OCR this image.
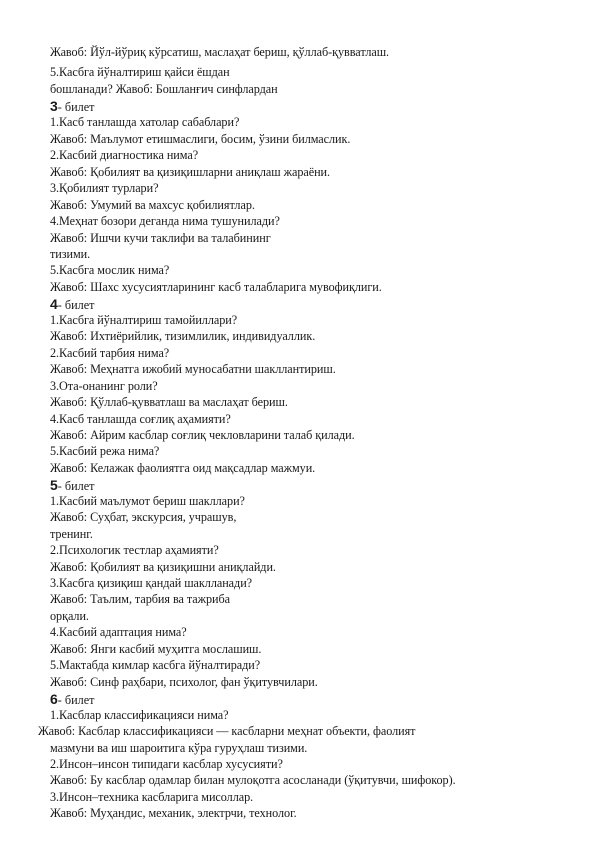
Жавоб: Йўл-йўриқ кўрсатиш, маслаҳат бериш, қўллаб-қувватлаш.
5.Касбга йўналтириш қайси ёшдан
бошланади? Жавоб: Бошланғич синфлардан
3- билет
1.Касб танлашда хатолар сабаблари?
Жавоб: Маълумот етишмаслиги, босим, ўзини билмаслик.
2.Касбий диагностика нима?
Жавоб: Қобилият ва қизиқишларни аниқлаш жараёни.
3.Қобилият турлари?
Жавоб: Умумий ва махсус қобилиятлар.
4.Меҳнат бозори деганда нима тушунилади?
Жавоб: Ишчи кучи таклифи ва талабининг
тизими.
5.Касбга мослик нима?
Жавоб: Шахс хусусиятларининг касб талабларига мувофиқлиги.
4- билет
1.Касбга йўналтириш тамойиллари?
Жавоб: Ихтиёрийлик, тизимлилик, индивидуаллик.
2.Касбий тарбия нима?
Жавоб: Меҳнатга ижобий муносабатни шакллантириш.
3.Ота-онанинг роли?
Жавоб: Қўллаб-қувватлаш ва маслаҳат бериш.
4.Касб танлашда соғлиқ аҳамияти?
Жавоб: Айрим касблар соғлиқ чекловларини талаб қилади.
5.Касбий режа нима?
Жавоб: Келажак фаолиятга оид мақсадлар мажмуи.
5- билет
1.Касбий маълумот бериш шакллари?
Жавоб: Суҳбат, экскурсия, учрашув,
тренинг.
2.Психологик тестлар аҳамияти?
Жавоб: Қобилият ва қизиқишни аниқлайди.
3.Касбга қизиқиш қандай шаклланади?
Жавоб: Таълим, тарбия ва тажриба
орқали.
4.Касбий адаптация нима?
Жавоб: Янги касбий муҳитга мослашиш.
5.Мактабда кимлар касбга йўналтиради?
Жавоб: Синф раҳбари, психолог, фан ўқитувчилари.
6- билет
1.Касблар классификацияси нима?
Жавоб: Касблар классификацияси — касбларни меҳнат объекти, фаолият
мазмуни ва иш шароитига кўра гуруҳлаш тизими.
2.Инсон–инсон типидаги касблар хусусияти?
Жавоб: Бу касблар одамлар билан мулоқотга асосланади (ўқитувчи, шифокор).
3.Инсон–техника касбларига мисоллар.
Жавоб: Муҳандис, механик, электрчи, технолог.
